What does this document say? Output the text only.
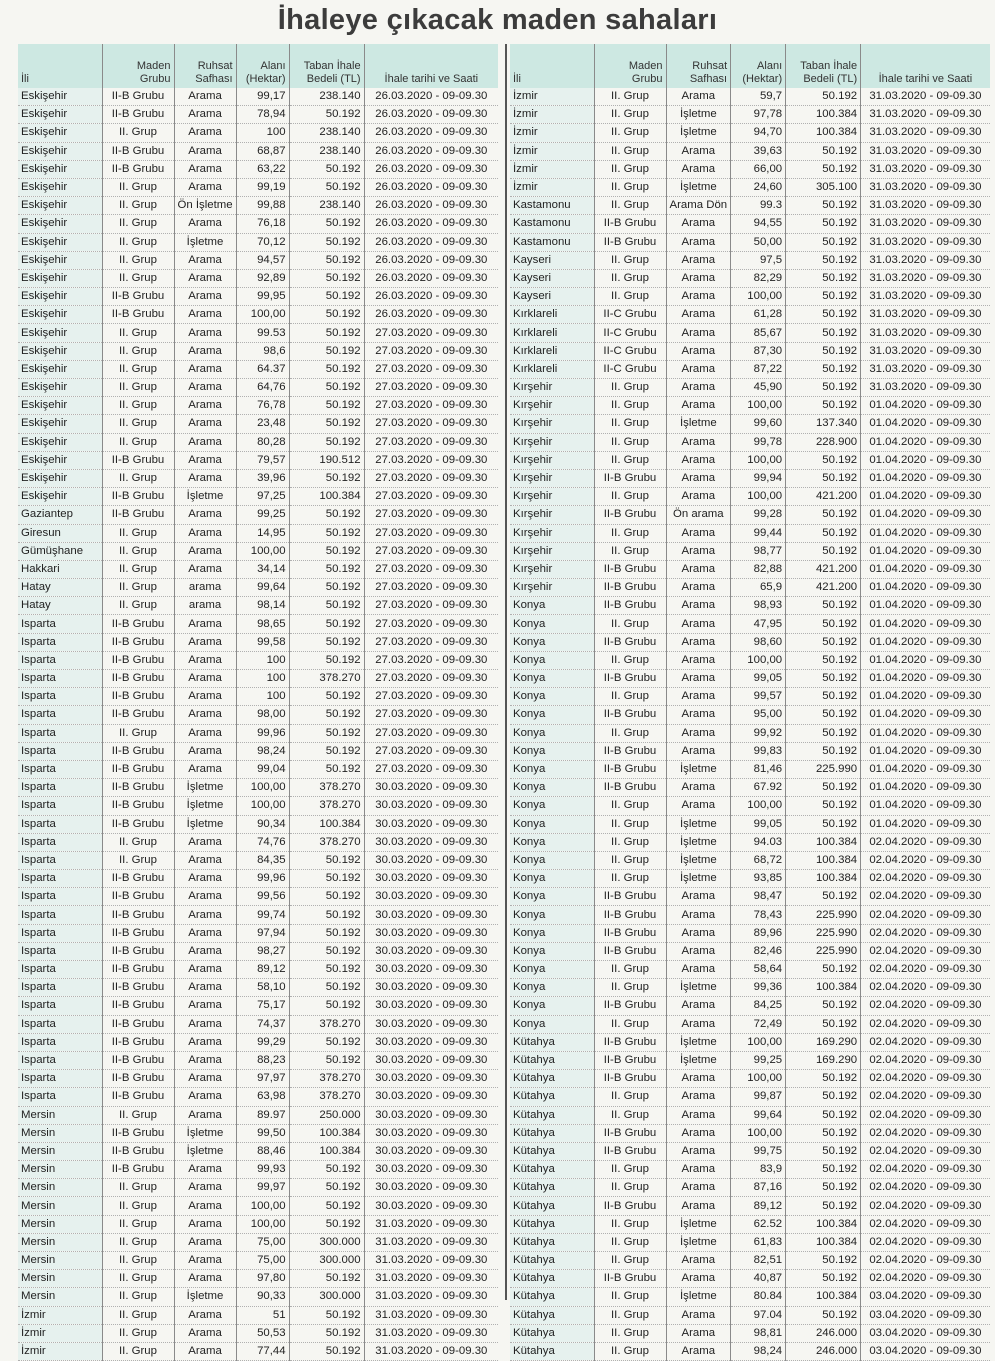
İhaleye çıkacak maden sahaları
İli	Maden Grubu	Ruhsat Safhası	Alanı (Hektar)	Taban İhale Bedeli (TL)	İhale tarihi ve Saati
Eskişehir	II-B Grubu	Arama	99,17	238.140	26.03.2020 - 09-09.30
Eskişehir	II-B Grubu	Arama	78,94	50.192	26.03.2020 - 09-09.30
Eskişehir	II. Grup	Arama	100	238.140	26.03.2020 - 09-09.30
Eskişehir	II-B Grubu	Arama	68,87	238.140	26.03.2020 - 09-09.30
Eskişehir	II-B Grubu	Arama	63,22	50.192	26.03.2020 - 09-09.30
Eskişehir	II. Grup	Arama	99,19	50.192	26.03.2020 - 09-09.30
Eskişehir	II. Grup	Ön İşletme	99,88	238.140	26.03.2020 - 09-09.30
Eskişehir	II. Grup	Arama	76,18	50.192	26.03.2020 - 09-09.30
Eskişehir	II. Grup	İşletme	70,12	50.192	26.03.2020 - 09-09.30
Eskişehir	II. Grup	Arama	94,57	50.192	26.03.2020 - 09-09.30
Eskişehir	II. Grup	Arama	92,89	50.192	26.03.2020 - 09-09.30
Eskişehir	II-B Grubu	Arama	99,95	50.192	26.03.2020 - 09-09.30
Eskişehir	II-B Grubu	Arama	100,00	50.192	26.03.2020 - 09-09.30
Eskişehir	II. Grup	Arama	99.53	50.192	27.03.2020 - 09-09.30
Eskişehir	II. Grup	Arama	98,6	50.192	27.03.2020 - 09-09.30
Eskişehir	II. Grup	Arama	64.37	50.192	27.03.2020 - 09-09.30
Eskişehir	II. Grup	Arama	64,76	50.192	27.03.2020 - 09-09.30
Eskişehir	II. Grup	Arama	76,78	50.192	27.03.2020 - 09-09.30
Eskişehir	II. Grup	Arama	23,48	50.192	27.03.2020 - 09-09.30
Eskişehir	II. Grup	Arama	80,28	50.192	27.03.2020 - 09-09.30
Eskişehir	II-B Grubu	Arama	79,57	190.512	27.03.2020 - 09-09.30
Eskişehir	II. Grup	Arama	39,96	50.192	27.03.2020 - 09-09.30
Eskişehir	II-B Grubu	İşletme	97,25	100.384	27.03.2020 - 09-09.30
Gaziantep	II-B Grubu	Arama	99,25	50.192	27.03.2020 - 09-09.30
Giresun	II. Grup	Arama	14,95	50.192	27.03.2020 - 09-09.30
Gümüşhane	II. Grup	Arama	100,00	50.192	27.03.2020 - 09-09.30
Hakkari	II. Grup	Arama	34,14	50.192	27.03.2020 - 09-09.30
Hatay	II. Grup	arama	99,64	50.192	27.03.2020 - 09-09.30
Hatay	II. Grup	arama	98,14	50.192	27.03.2020 - 09-09.30
Isparta	II-B Grubu	Arama	98,65	50.192	27.03.2020 - 09-09.30
Isparta	II-B Grubu	Arama	99,58	50.192	27.03.2020 - 09-09.30
Isparta	II-B Grubu	Arama	100	50.192	27.03.2020 - 09-09.30
Isparta	II-B Grubu	Arama	100	378.270	27.03.2020 - 09-09.30
Isparta	II-B Grubu	Arama	100	50.192	27.03.2020 - 09-09.30
Isparta	II-B Grubu	Arama	98,00	50.192	27.03.2020 - 09-09.30
Isparta	II. Grup	Arama	99,96	50.192	27.03.2020 - 09-09.30
Isparta	II-B Grubu	Arama	98,24	50.192	27.03.2020 - 09-09.30
Isparta	II-B Grubu	Arama	99,04	50.192	27.03.2020 - 09-09.30
Isparta	II-B Grubu	İşletme	100,00	378.270	30.03.2020 - 09-09.30
Isparta	II-B Grubu	İşletme	100,00	378.270	30.03.2020 - 09-09.30
Isparta	II-B Grubu	İşletme	90,34	100.384	30.03.2020 - 09-09.30
Isparta	II. Grup	Arama	74,76	378.270	30.03.2020 - 09-09.30
Isparta	II. Grup	Arama	84,35	50.192	30.03.2020 - 09-09.30
Isparta	II-B Grubu	Arama	99,96	50.192	30.03.2020 - 09-09.30
Isparta	II-B Grubu	Arama	99,56	50.192	30.03.2020 - 09-09.30
Isparta	II-B Grubu	Arama	99,74	50.192	30.03.2020 - 09-09.30
Isparta	II-B Grubu	Arama	97,94	50.192	30.03.2020 - 09-09.30
Isparta	II-B Grubu	Arama	98,27	50.192	30.03.2020 - 09-09.30
Isparta	II-B Grubu	Arama	89,12	50.192	30.03.2020 - 09-09.30
Isparta	II-B Grubu	Arama	58,10	50.192	30.03.2020 - 09-09.30
Isparta	II-B Grubu	Arama	75,17	50.192	30.03.2020 - 09-09.30
Isparta	II-B Grubu	Arama	74,37	378.270	30.03.2020 - 09-09.30
Isparta	II-B Grubu	Arama	99,29	50.192	30.03.2020 - 09-09.30
Isparta	II-B Grubu	Arama	88,23	50.192	30.03.2020 - 09-09.30
Isparta	II-B Grubu	Arama	97,97	378.270	30.03.2020 - 09-09.30
Isparta	II-B Grubu	Arama	63,98	378.270	30.03.2020 - 09-09.30
Mersin	II. Grup	Arama	89.97	250.000	30.03.2020 - 09-09.30
Mersin	II-B Grubu	İşletme	99,50	100.384	30.03.2020 - 09-09.30
Mersin	II-B Grubu	İşletme	88,46	100.384	30.03.2020 - 09-09.30
Mersin	II-B Grubu	Arama	99,93	50.192	30.03.2020 - 09-09.30
Mersin	II. Grup	Arama	99,97	50.192	30.03.2020 - 09-09.30
Mersin	II. Grup	Arama	100,00	50.192	30.03.2020 - 09-09.30
Mersin	II. Grup	Arama	100,00	50.192	31.03.2020 - 09-09.30
Mersin	II. Grup	Arama	75,00	300.000	31.03.2020 - 09-09.30
Mersin	II. Grup	Arama	75,00	300.000	31.03.2020 - 09-09.30
Mersin	II. Grup	Arama	97,80	50.192	31.03.2020 - 09-09.30
Mersin	II. Grup	İşletme	90,33	300.000	31.03.2020 - 09-09.30
İzmir	II. Grup	Arama	51	50.192	31.03.2020 - 09-09.30
İzmir	II. Grup	Arama	50,53	50.192	31.03.2020 - 09-09.30
İzmir	II. Grup	Arama	77,44	50.192	31.03.2020 - 09-09.30
İli	Maden Grubu	Ruhsat Safhası	Alanı (Hektar)	Taban İhale Bedeli (TL)	İhale tarihi ve Saati
İzmir	II. Grup	Arama	59,7	50.192	31.03.2020 - 09-09.30
İzmir	II. Grup	İşletme	97,78	100.384	31.03.2020 - 09-09.30
İzmir	II. Grup	İşletme	94,70	100.384	31.03.2020 - 09-09.30
İzmir	II. Grup	Arama	39,63	50.192	31.03.2020 - 09-09.30
İzmir	II. Grup	Arama	66,00	50.192	31.03.2020 - 09-09.30
İzmir	II. Grup	İşletme	24,60	305.100	31.03.2020 - 09-09.30
Kastamonu	II. Grup	Arama Dön	99.3	50.192	31.03.2020 - 09-09.30
Kastamonu	II-B Grubu	Arama	94,55	50.192	31.03.2020 - 09-09.30
Kastamonu	II-B Grubu	Arama	50,00	50.192	31.03.2020 - 09-09.30
Kayseri	II. Grup	Arama	97,5	50.192	31.03.2020 - 09-09.30
Kayseri	II. Grup	Arama	82,29	50.192	31.03.2020 - 09-09.30
Kayseri	II. Grup	Arama	100,00	50.192	31.03.2020 - 09-09.30
Kırklareli	II-C Grubu	Arama	61,28	50.192	31.03.2020 - 09-09.30
Kırklareli	II-C Grubu	Arama	85,67	50.192	31.03.2020 - 09-09.30
Kırklareli	II-C Grubu	Arama	87,30	50.192	31.03.2020 - 09-09.30
Kırklareli	II-C Grubu	Arama	87,22	50.192	31.03.2020 - 09-09.30
Kırşehir	II. Grup	Arama	45,90	50.192	31.03.2020 - 09-09.30
Kırşehir	II. Grup	Arama	100,00	50.192	01.04.2020 - 09-09.30
Kırşehir	II. Grup	İşletme	99,60	137.340	01.04.2020 - 09-09.30
Kırşehir	II. Grup	Arama	99,78	228.900	01.04.2020 - 09-09.30
Kırşehir	II. Grup	Arama	100,00	50.192	01.04.2020 - 09-09.30
Kırşehir	II-B Grubu	Arama	99,94	50.192	01.04.2020 - 09-09.30
Kırşehir	II. Grup	Arama	100,00	421.200	01.04.2020 - 09-09.30
Kırşehir	II-B Grubu	Ön arama	99,28	50.192	01.04.2020 - 09-09.30
Kırşehir	II. Grup	Arama	99,44	50.192	01.04.2020 - 09-09.30
Kırşehir	II. Grup	Arama	98,77	50.192	01.04.2020 - 09-09.30
Kırşehir	II-B Grubu	Arama	82,88	421.200	01.04.2020 - 09-09.30
Kırşehir	II-B Grubu	Arama	65,9	421.200	01.04.2020 - 09-09.30
Konya	II-B Grubu	Arama	98,93	50.192	01.04.2020 - 09-09.30
Konya	II. Grup	Arama	47,95	50.192	01.04.2020 - 09-09.30
Konya	II-B Grubu	Arama	98,60	50.192	01.04.2020 - 09-09.30
Konya	II. Grup	Arama	100,00	50.192	01.04.2020 - 09-09.30
Konya	II-B Grubu	Arama	99,05	50.192	01.04.2020 - 09-09.30
Konya	II. Grup	Arama	99,57	50.192	01.04.2020 - 09-09.30
Konya	II-B Grubu	Arama	95,00	50.192	01.04.2020 - 09-09.30
Konya	II. Grup	Arama	99,92	50.192	01.04.2020 - 09-09.30
Konya	II-B Grubu	Arama	99,83	50.192	01.04.2020 - 09-09.30
Konya	II-B Grubu	İşletme	81,46	225.990	01.04.2020 - 09-09.30
Konya	II-B Grubu	Arama	67.92	50.192	01.04.2020 - 09-09.30
Konya	II. Grup	Arama	100,00	50.192	01.04.2020 - 09-09.30
Konya	II. Grup	İşletme	99,05	50.192	01.04.2020 - 09-09.30
Konya	II. Grup	İşletme	94.03	100.384	02.04.2020 - 09-09.30
Konya	II. Grup	İşletme	68,72	100.384	02.04.2020 - 09-09.30
Konya	II. Grup	İşletme	93,85	100.384	02.04.2020 - 09-09.30
Konya	II-B Grubu	Arama	98,47	50.192	02.04.2020 - 09-09.30
Konya	II-B Grubu	Arama	78,43	225.990	02.04.2020 - 09-09.30
Konya	II-B Grubu	Arama	89,96	225.990	02.04.2020 - 09-09.30
Konya	II-B Grubu	Arama	82,46	225.990	02.04.2020 - 09-09.30
Konya	II. Grup	Arama	58,64	50.192	02.04.2020 - 09-09.30
Konya	II. Grup	İşletme	99,36	100.384	02.04.2020 - 09-09.30
Konya	II-B Grubu	Arama	84,25	50.192	02.04.2020 - 09-09.30
Konya	II. Grup	Arama	72,49	50.192	02.04.2020 - 09-09.30
Kütahya	II-B Grubu	İşletme	100,00	169.290	02.04.2020 - 09-09.30
Kütahya	II-B Grubu	İşletme	99,25	169.290	02.04.2020 - 09-09.30
Kütahya	II-B Grubu	Arama	100,00	50.192	02.04.2020 - 09-09.30
Kütahya	II. Grup	Arama	99,87	50.192	02.04.2020 - 09-09.30
Kütahya	II. Grup	Arama	99,64	50.192	02.04.2020 - 09-09.30
Kütahya	II-B Grubu	Arama	100,00	50.192	02.04.2020 - 09-09.30
Kütahya	II-B Grubu	Arama	99,75	50.192	02.04.2020 - 09-09.30
Kütahya	II. Grup	Arama	83,9	50.192	02.04.2020 - 09-09.30
Kütahya	II. Grup	Arama	87,16	50.192	02.04.2020 - 09-09.30
Kütahya	II-B Grubu	Arama	89,12	50.192	02.04.2020 - 09-09.30
Kütahya	II. Grup	İşletme	62.52	100.384	02.04.2020 - 09-09.30
Kütahya	II. Grup	İşletme	61,83	100.384	02.04.2020 - 09-09.30
Kütahya	II. Grup	Arama	82,51	50.192	02.04.2020 - 09-09.30
Kütahya	II-B Grubu	Arama	40,87	50.192	02.04.2020 - 09-09.30
Kütahya	II. Grup	İşletme	80.84	100.384	03.04.2020 - 09-09.30
Kütahya	II. Grup	Arama	97.04	50.192	03.04.2020 - 09-09.30
Kütahya	II. Grup	Arama	98,81	246.000	03.04.2020 - 09-09.30
Kütahya	II. Grup	Arama	98,24	246.000	03.04.2020 - 09-09.30
